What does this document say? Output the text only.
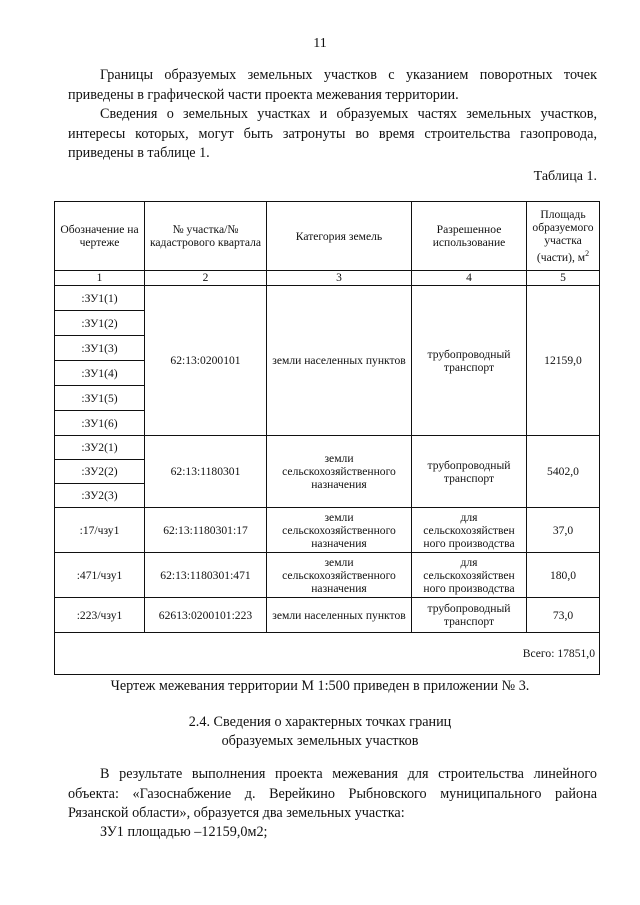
11

Границы образуемых земельных участков с указанием поворотных точек приведены в графической части проекта межевания территории.

Сведения о земельных участках и образуемых частях земельных участков, интересы которых, могут быть затронуты во время строительства газопровода, приведены в таблице 1.

Таблица 1.
Обозначение на чертеже	№ участка/№ кадастрового квартала	Категория земель	Разрешенное использование	Площадь образуемого участка (части), $м^2$
1	2	3	4	5
:ЗУ1(1)	62:13:0200101	земли населенных пунктов	трубопроводный транспорт	12159,0
:ЗУ1(2)				
:ЗУ1(3)				
:ЗУ1(4)				
:ЗУ1(5)				
:ЗУ1(6)				
:ЗУ2(1)	62:13:1180301	земли сельскохозяйственного назначения	трубопроводный транспорт	5402,0
:ЗУ2(2)				
:ЗУ2(3)				
:17/чзу1	62:13:1180301:17	земли сельскохозяйственного назначения	для сельскохозяйствен ного производства	37,0
:471/чзу1	62:13:1180301:471	земли сельскохозяйственного назначения	для сельскохозяйствен ного производства	180,0
:223/чзу1	62613:0200101:223	земли населенных пунктов	трубопроводный транспорт	73,0
Всего: 17851,0				
Чертеж межевания территории М 1:500 приведен в приложении № 3.
2.4. Сведения о характерных точках границ
образуемых земельных участков

В результате выполнения проекта межевания для строительства линейного объекта: «Газоснабжение д. Верейкино Рыбновского муниципального района Рязанской области», образуется два земельных участка:

ЗУ1 площадью –12159,0м2;
